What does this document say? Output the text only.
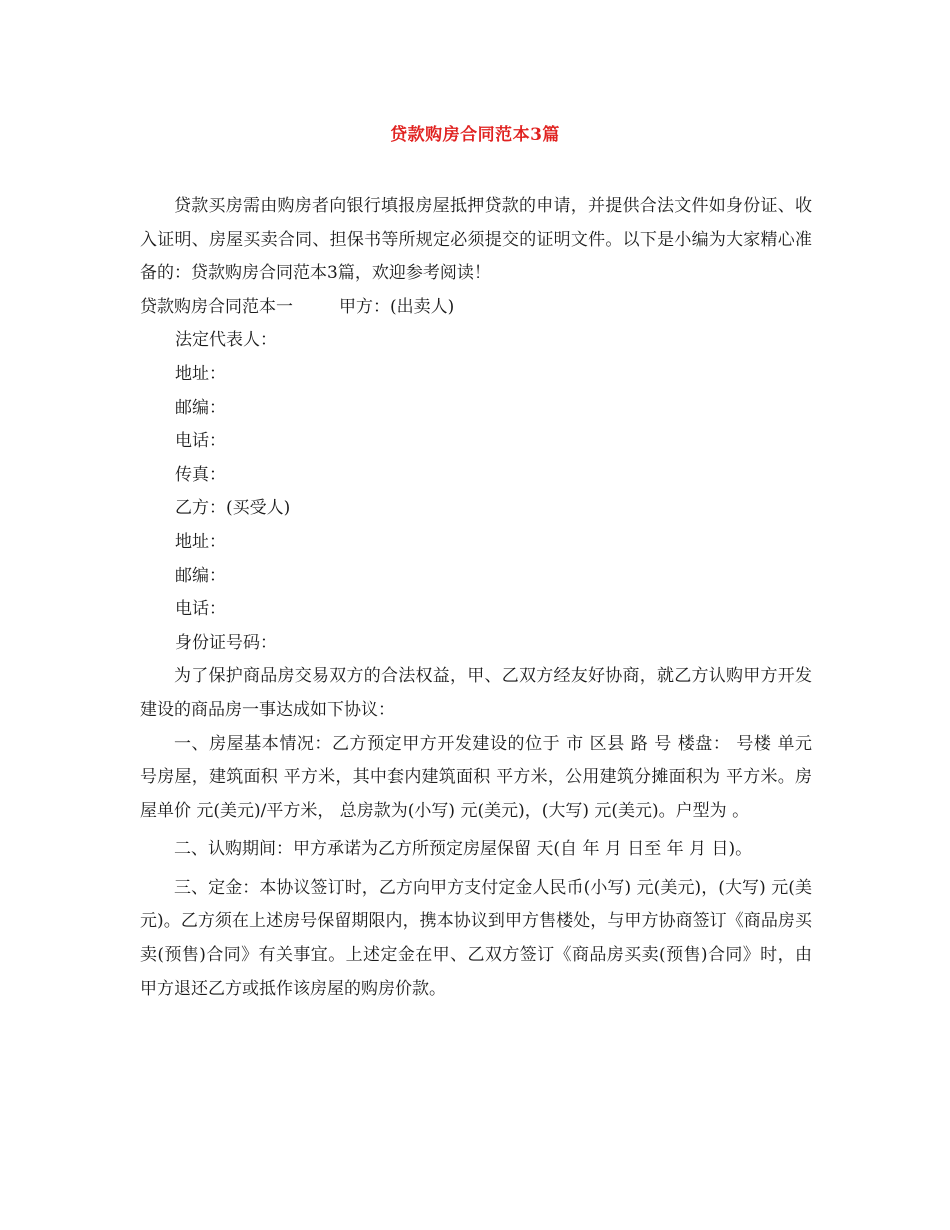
贷款购房合同范本3篇

贷款买房需由购房者向银行填报房屋抵押贷款的申请，并提供合法文件如身份证、收入证明、房屋买卖合同、担保书等所规定必须提交的证明文件。以下是小编为大家精心准备的：贷款购房合同范本3篇，欢迎参考阅读！

贷款购房合同范本一	甲方：(出卖人)

法定代表人：

地址：

邮编：

电话：

传真：

乙方：(买受人)

地址：

邮编：

电话：

身份证号码：

为了保护商品房交易双方的合法权益，甲、乙双方经友好协商，就乙方认购甲方开发建设的商品房一事达成如下协议：

一、房屋基本情况：乙方预定甲方开发建设的位于 市 区县 路 号 楼盘： 号楼 单元 号房屋，建筑面积 平方米，其中套内建筑面积 平方米，公用建筑分摊面积为 平方米。房屋单价 元(美元)/平方米， 总房款为(小写) 元(美元)，(大写) 元(美元)。户型为 。

二、认购期间：甲方承诺为乙方所预定房屋保留 天(自 年 月 日至 年 月 日)。

三、定金：本协议签订时，乙方向甲方支付定金人民币(小写) 元(美元)，(大写) 元(美元)。乙方须在上述房号保留期限内，携本协议到甲方售楼处，与甲方协商签订《商品房买卖(预售)合同》有关事宜。上述定金在甲、乙双方签订《商品房买卖(预售)合同》时，由甲方退还乙方或抵作该房屋的购房价款。
